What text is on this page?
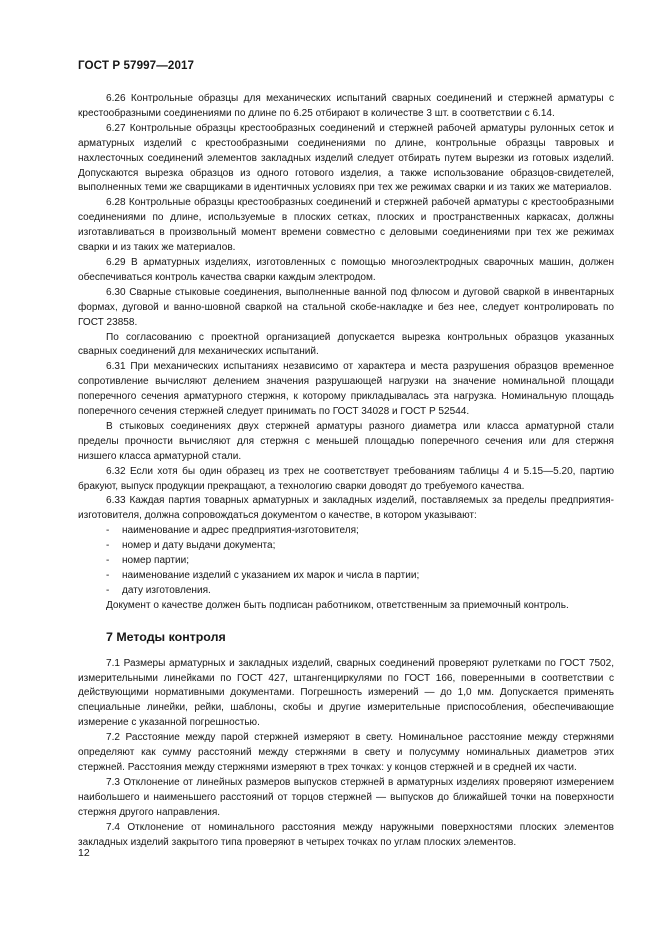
ГОСТ Р 57997—2017

6.26 Контрольные образцы для механических испытаний сварных соединений и стержней арматуры с крестообразными соединениями по длине по 6.25 отбирают в количестве 3 шт. в соответствии с 6.14.

6.27 Контрольные образцы крестообразных соединений и стержней рабочей арматуры рулонных сеток и арматурных изделий с крестообразными соединениями по длине, контрольные образцы тавровых и нахлесточных соединений элементов закладных изделий следует отбирать путем вырезки из готовых изделий. Допускаются вырезка образцов из одного готового изделия, а также использование образцов-свидетелей, выполненных теми же сварщиками в идентичных условиях при тех же режимах сварки и из таких же материалов.

6.28 Контрольные образцы крестообразных соединений и стержней рабочей арматуры с крестообразными соединениями по длине, используемые в плоских сетках, плоских и пространственных каркасах, должны изготавливаться в произвольный момент времени совместно с деловыми соединениями при тех же режимах сварки и из таких же материалов.

6.29 В арматурных изделиях, изготовленных с помощью многоэлектродных сварочных машин, должен обеспечиваться контроль качества сварки каждым электродом.

6.30 Сварные стыковые соединения, выполненные ванной под флюсом и дуговой сваркой в инвентарных формах, дуговой и ванно-шовной сваркой на стальной скобе-накладке и без нее, следует контролировать по ГОСТ 23858.

По согласованию с проектной организацией допускается вырезка контрольных образцов указанных сварных соединений для механических испытаний.

6.31 При механических испытаниях независимо от характера и места разрушения образцов временное сопротивление вычисляют делением значения разрушающей нагрузки на значение номинальной площади поперечного сечения арматурного стержня, к которому прикладывалась эта нагрузка. Номинальную площадь поперечного сечения стержней следует принимать по ГОСТ 34028 и ГОСТ Р 52544.

В стыковых соединениях двух стержней арматуры разного диаметра или класса арматурной стали пределы прочности вычисляют для стержня с меньшей площадью поперечного сечения или для стержня низшего класса арматурной стали.

6.32 Если хотя бы один образец из трех не соответствует требованиям таблицы 4 и 5.15—5.20, партию бракуют, выпуск продукции прекращают, а технологию сварки доводят до требуемого качества.

6.33 Каждая партия товарных арматурных и закладных изделий, поставляемых за пределы предприятия-изготовителя, должна сопровождаться документом о качестве, в котором указывают:

-	наименование и адрес предприятия-изготовителя;
-	номер и дату выдачи документа;
-	номер партии;
-	наименование изделий с указанием их марок и числа в партии;
-	дату изготовления.

Документ о качестве должен быть подписан работником, ответственным за приемочный контроль.

7 Методы контроля

7.1 Размеры арматурных и закладных изделий, сварных соединений проверяют рулетками по ГОСТ 7502, измерительными линейками по ГОСТ 427, штангенциркулями по ГОСТ 166, поверенными в соответствии с действующими нормативными документами. Погрешность измерений — до 1,0 мм. Допускается применять специальные линейки, рейки, шаблоны, скобы и другие измерительные приспособления, обеспечивающие измерение с указанной погрешностью.

7.2 Расстояние между парой стержней измеряют в свету. Номинальное расстояние между стержнями определяют как сумму расстояний между стержнями в свету и полусумму номинальных диаметров этих стержней. Расстояния между стержнями измеряют в трех точках: у концов стержней и в средней их части.

7.3 Отклонение от линейных размеров выпусков стержней в арматурных изделиях проверяют измерением наибольшего и наименьшего расстояний от торцов стержней — выпусков до ближайшей точки на поверхности стержня другого направления.

7.4 Отклонение от номинального расстояния между наружными поверхностями плоских элементов закладных изделий закрытого типа проверяют в четырех точках по углам плоских элементов.

12
